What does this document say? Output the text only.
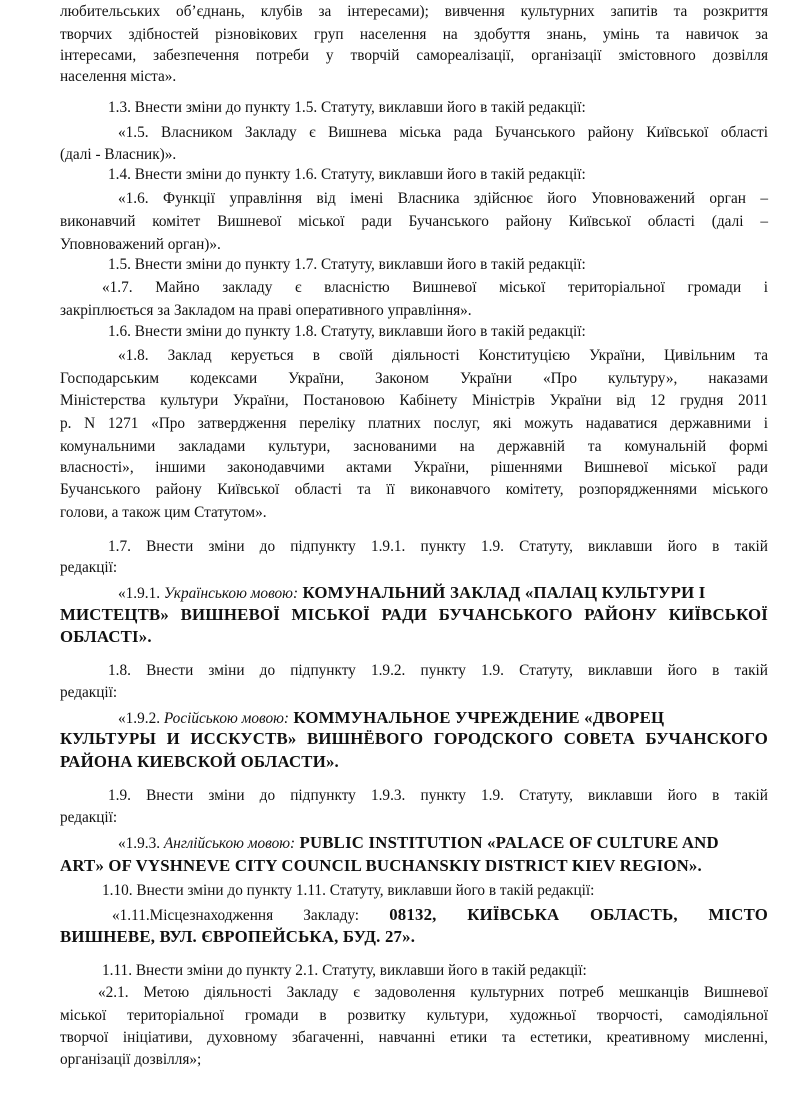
любительських об’єднань, клубів за інтересами); вивчення культурних запитів та розкриття
творчих здібностей різновікових груп населення на здобуття знань, умінь та навичок за
інтересами, забезпечення потреби у творчій самореалізації, організації змістовного дозвілля
населення міста».
1.3. Внести зміни до пункту 1.5. Статуту, виклавши його в такій редакції:
«1.5. Власником Закладу є Вишнева міська рада Бучанського району Київської області
(далі - Власник)».
1.4. Внести зміни до пункту 1.6. Статуту, виклавши його в такій редакції:
«1.6. Функції управління від імені Власника здійснює його Уповноважений орган –
виконавчий комітет Вишневої міської ради Бучанського району Київської області (далі –
Уповноважений орган)».
1.5. Внести зміни до пункту 1.7. Статуту, виклавши його в такій редакції:
«1.7. Майно закладу є власністю Вишневої міської територіальної громади і
закріплюється за Закладом на праві оперативного управління».
1.6. Внести зміни до пункту 1.8. Статуту, виклавши його в такій редакції:
«1.8. Заклад керується в своїй діяльності Конституцією України, Цивільним та
Господарським кодексами України, Законом України «Про культуру», наказами
Міністерства культури України, Постановою Кабінету Міністрів України від 12 грудня 2011
р. N 1271 «Про затвердження переліку платних послуг, які можуть надаватися державними і
комунальними закладами культури, заснованими на державній та комунальній формі
власності», іншими законодавчими актами України, рішеннями Вишневої міської ради
Бучанського району Київської області та її виконавчого комітету, розпорядженнями міського
голови, а також цим Статутом».
1.7. Внести зміни до підпункту 1.9.1. пункту 1.9. Статуту, виклавши його в такій
редакції:
«1.9.1. Українською мовою: КОМУНАЛЬНИЙ ЗАКЛАД «ПАЛАЦ КУЛЬТУРИ І
МИСТЕЦТВ» ВИШНЕВОЇ МІСЬКОЇ РАДИ БУЧАНСЬКОГО РАЙОНУ КИЇВСЬКОЇ
ОБЛАСТІ».
1.8. Внести зміни до підпункту 1.9.2. пункту 1.9. Статуту, виклавши його в такій
редакції:
«1.9.2. Російською мовою: КОММУНАЛЬНОЕ УЧРЕЖДЕНИЕ «ДВОРЕЦ
КУЛЬТУРЫ И ИССКУСТВ» ВИШНЁВОГО ГОРОДСКОГО СОВЕТА БУЧАНСКОГО
РАЙОНА КИЕВСКОЙ ОБЛАСТИ».
1.9. Внести зміни до підпункту 1.9.3. пункту 1.9. Статуту, виклавши його в такій
редакції:
«1.9.3. Англійською мовою: PUBLIC INSTITUTION «PALACE OF CULTURE AND
ART» OF VYSHNEVE CITY COUNCIL BUCHANSKIY DISTRICT KIEV REGION».
1.10. Внести зміни до пункту 1.11. Статуту, виклавши його в такій редакції:
«1.11.Місцезнаходження Закладу: 08132, КИЇВСЬКА ОБЛАСТЬ, МІСТО
ВИШНЕВЕ, ВУЛ. ЄВРОПЕЙСЬКА, БУД. 27».
1.11. Внести зміни до пункту 2.1. Статуту, виклавши його в такій редакції:
«2.1. Метою діяльності Закладу є задоволення культурних потреб мешканців Вишневої
міської територіальної громади в розвитку культури, художньої творчості, самодіяльної
творчої ініціативи, духовному збагаченні, навчанні етики та естетики, креативному мисленні,
організації дозвілля»;
